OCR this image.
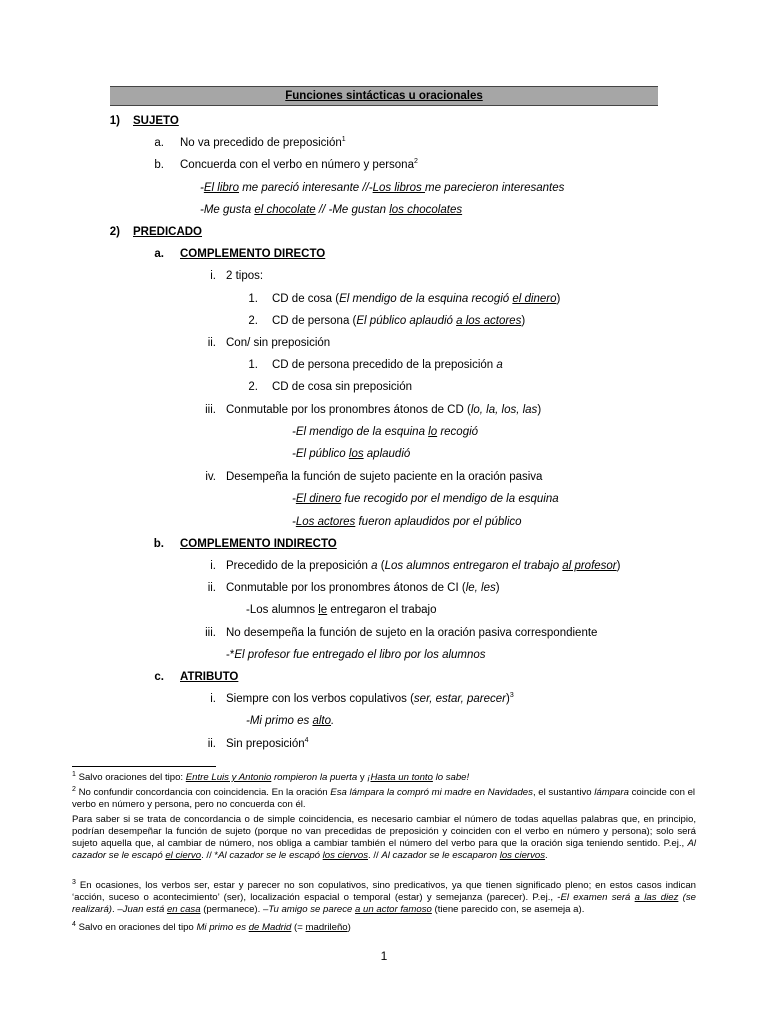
Funciones sintácticas u oracionales
1) SUJETO
a. No va precedido de preposición$^1$
b. Concuerda con el verbo en número y persona$^2$
-El libro me pareció interesante //-Los libros me parecieron interesantes
-Me gusta el chocolate // -Me gustan los chocolates
2) PREDICADO
a. COMPLEMENTO DIRECTO
i. 2 tipos:
1. CD de cosa (El mendigo de la esquina recogió el dinero)
2. CD de persona (El público aplaudió a los actores)
ii. Con/ sin preposición
1. CD de persona precedido de la preposición a
2. CD de cosa sin preposición
iii. Conmutable por los pronombres átonos de CD (lo, la, los, las)
-El mendigo de la esquina lo recogió
-El público los aplaudió
iv. Desempeña la función de sujeto paciente en la oración pasiva
-El dinero fue recogido por el mendigo de la esquina
-Los actores fueron aplaudidos por el público
b. COMPLEMENTO INDIRECTO
i. Precedido de la preposición a (Los alumnos entregaron el trabajo al profesor)
ii. Conmutable por los pronombres átonos de CI (le, les)
-Los alumnos le entregaron el trabajo
iii. No desempeña la función de sujeto en la oración pasiva correspondiente
-*El profesor fue entregado el libro por los alumnos
c. ATRIBUTO
i. Siempre con los verbos copulativos (ser, estar, parecer)$^3$
-Mi primo es alto.
ii. Sin preposición$^4$
$^1$ Salvo oraciones del tipo: Entre Luis y Antonio rompieron la puerta y ¡Hasta un tonto lo sabe!
$^2$ No confundir concordancia con coincidencia. En la oración Esa lámpara la compró mi madre en Navidades, el sustantivo lámpara coincide con el verbo en número y persona, pero no concuerda con él.
Para saber si se trata de concordancia o de simple coincidencia, es necesario cambiar el número de todas aquellas palabras que, en principio, podrían desempeñar la función de sujeto (porque no van precedidas de preposición y coinciden con el verbo en número y persona); solo será sujeto aquella que, al cambiar de número, nos obliga a cambiar también el número del verbo para que la oración siga teniendo sentido. P.ej., Al cazador se le escapó el ciervo. // *Al cazador se le escapó los ciervos. // Al cazador se le escaparon los ciervos.
$^3$ En ocasiones, los verbos ser, estar y parecer no son copulativos, sino predicativos, ya que tienen significado pleno; en estos casos indican ‘acción, suceso o acontecimiento’ (ser), localización espacial o temporal (estar) y semejanza (parecer). P.ej., -El examen será a las diez (se realizará). –Juan está en casa (permanece). –Tu amigo se parece a un actor famoso (tiene parecido con, se asemeja a).
$^4$ Salvo en oraciones del tipo Mi primo es de Madrid (= madrileño)
1
